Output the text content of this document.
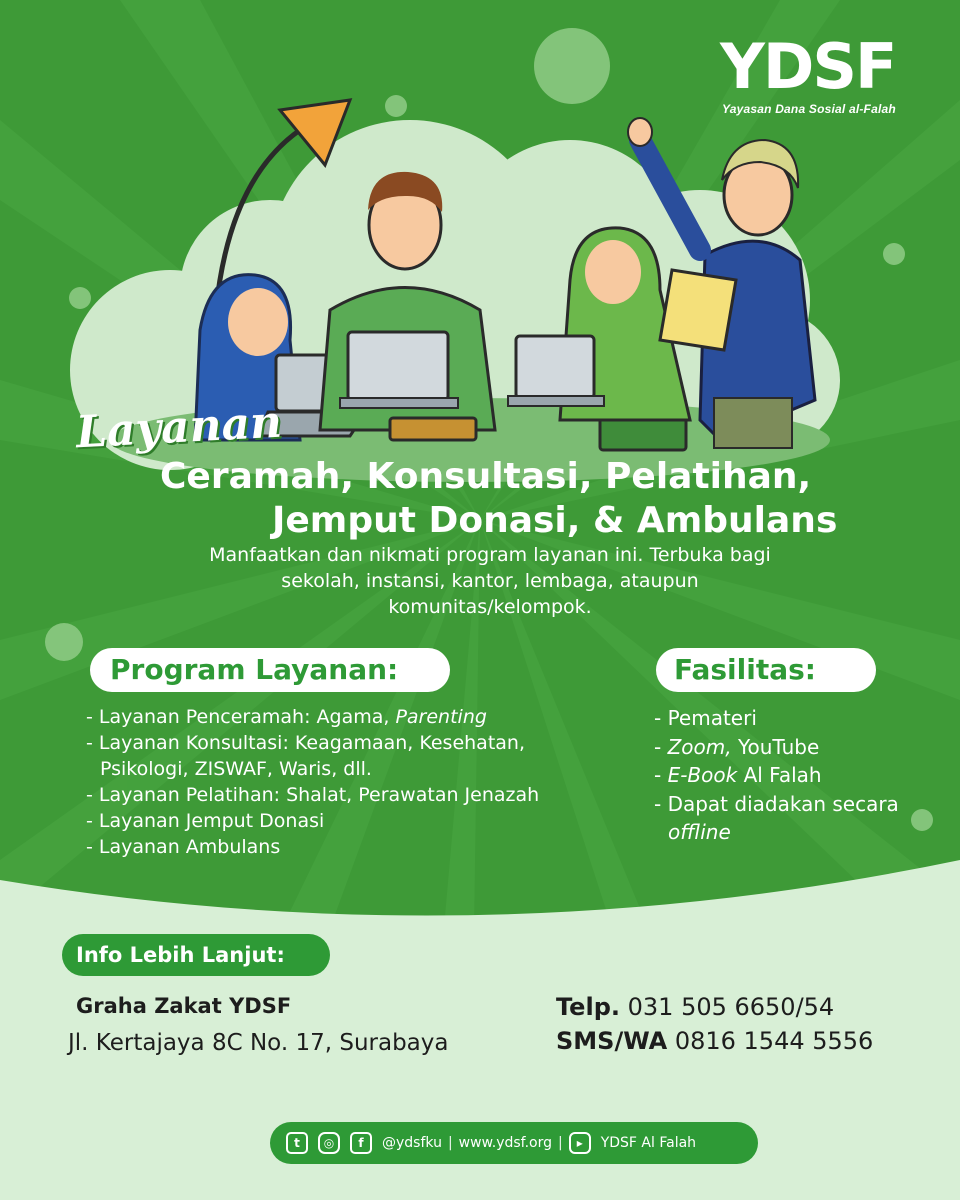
YDSF
Yayasan Dana Sosial al-Falah
Layanan
Ceramah, Konsultasi, Pelatihan,
Jemput Donasi, & Ambulans
Manfaatkan dan nikmati program layanan ini. Terbuka bagi
sekolah, instansi, kantor, lembaga, ataupun
komunitas/kelompok.
Program Layanan:
- Layanan Penceramah: Agama, Parenting
- Layanan Konsultasi: Keagamaan, Kesehatan,
Psikologi, ZISWAF, Waris, dll.
- Layanan Pelatihan: Shalat, Perawatan Jenazah
- Layanan Jemput Donasi
- Layanan Ambulans
Fasilitas:
- Pemateri
- Zoom, YouTube
- E-Book Al Falah
- Dapat diadakan secara
offline
Info Lebih Lanjut:
Graha Zakat YDSF
Jl. Kertajaya 8C No. 17, Surabaya
Telp. 031 505 6650/54
SMS/WA 0816 1544 5556
t	◎	f	@ydsfku | www.ydsf.org |	▸	YDSF Al Falah
